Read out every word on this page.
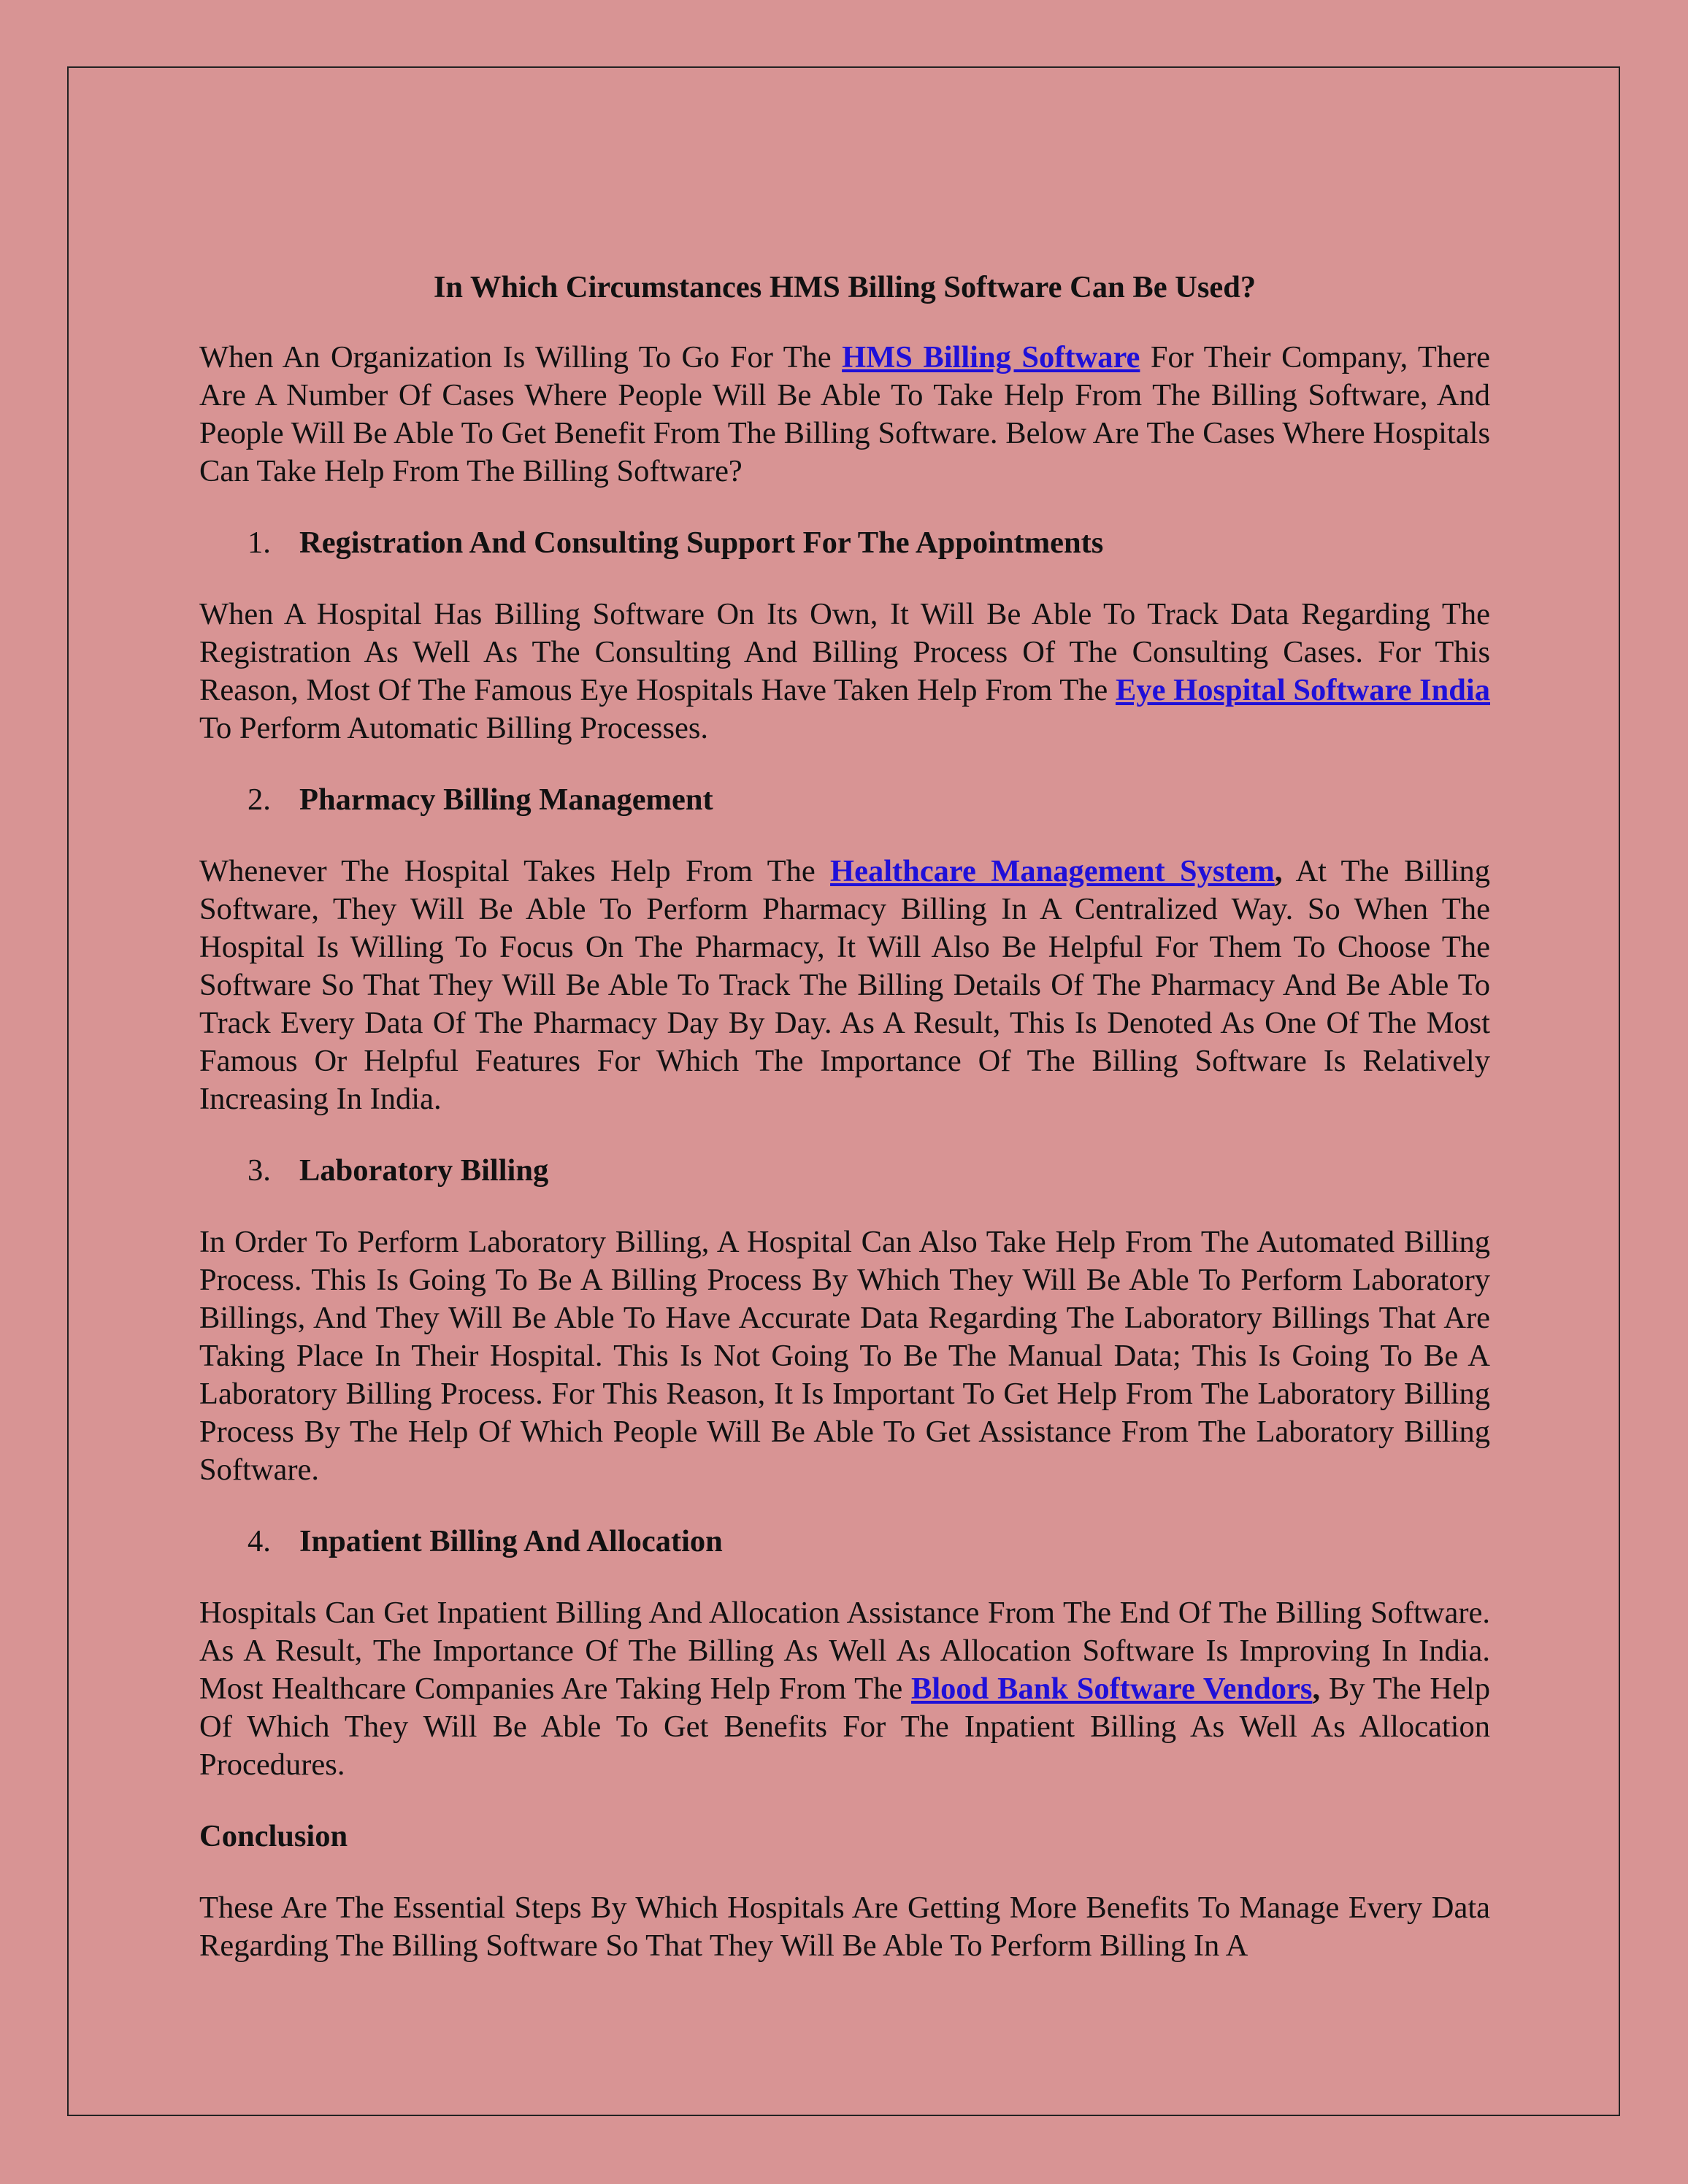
In Which Circumstances HMS Billing Software Can Be Used?

When An Organization Is Willing To Go For The HMS Billing Software For Their Company, There Are A Number Of Cases Where People Will Be Able To Take Help From The Billing Software, And People Will Be Able To Get Benefit From The Billing Software. Below Are The Cases Where Hospitals Can Take Help From The Billing Software?

1. Registration And Consulting Support For The Appointments

When A Hospital Has Billing Software On Its Own, It Will Be Able To Track Data Regarding The Registration As Well As The Consulting And Billing Process Of The Consulting Cases. For This Reason, Most Of The Famous Eye Hospitals Have Taken Help From The Eye Hospital Software India To Perform Automatic Billing Processes.

2. Pharmacy Billing Management

Whenever The Hospital Takes Help From The Healthcare Management System, At The Billing Software, They Will Be Able To Perform Pharmacy Billing In A Centralized Way. So When The Hospital Is Willing To Focus On The Pharmacy, It Will Also Be Helpful For Them To Choose The Software So That They Will Be Able To Track The Billing Details Of The Pharmacy And Be Able To Track Every Data Of The Pharmacy Day By Day. As A Result, This Is Denoted As One Of The Most Famous Or Helpful Features For Which The Importance Of The Billing Software Is Relatively Increasing In India.

3. Laboratory Billing

In Order To Perform Laboratory Billing, A Hospital Can Also Take Help From The Automated Billing Process. This Is Going To Be A Billing Process By Which They Will Be Able To Perform Laboratory Billings, And They Will Be Able To Have Accurate Data Regarding The Laboratory Billings That Are Taking Place In Their Hospital. This Is Not Going To Be The Manual Data; This Is Going To Be A Laboratory Billing Process. For This Reason, It Is Important To Get Help From The Laboratory Billing Process By The Help Of Which People Will Be Able To Get Assistance From The Laboratory Billing Software.

4. Inpatient Billing And Allocation

Hospitals Can Get Inpatient Billing And Allocation Assistance From The End Of The Billing Software. As A Result, The Importance Of The Billing As Well As Allocation Software Is Improving In India. Most Healthcare Companies Are Taking Help From The Blood Bank Software Vendors, By The Help Of Which They Will Be Able To Get Benefits For The Inpatient Billing As Well As Allocation Procedures.

Conclusion

These Are The Essential Steps By Which Hospitals Are Getting More Benefits To Manage Every Data Regarding The Billing Software So That They Will Be Able To Perform Billing In A
